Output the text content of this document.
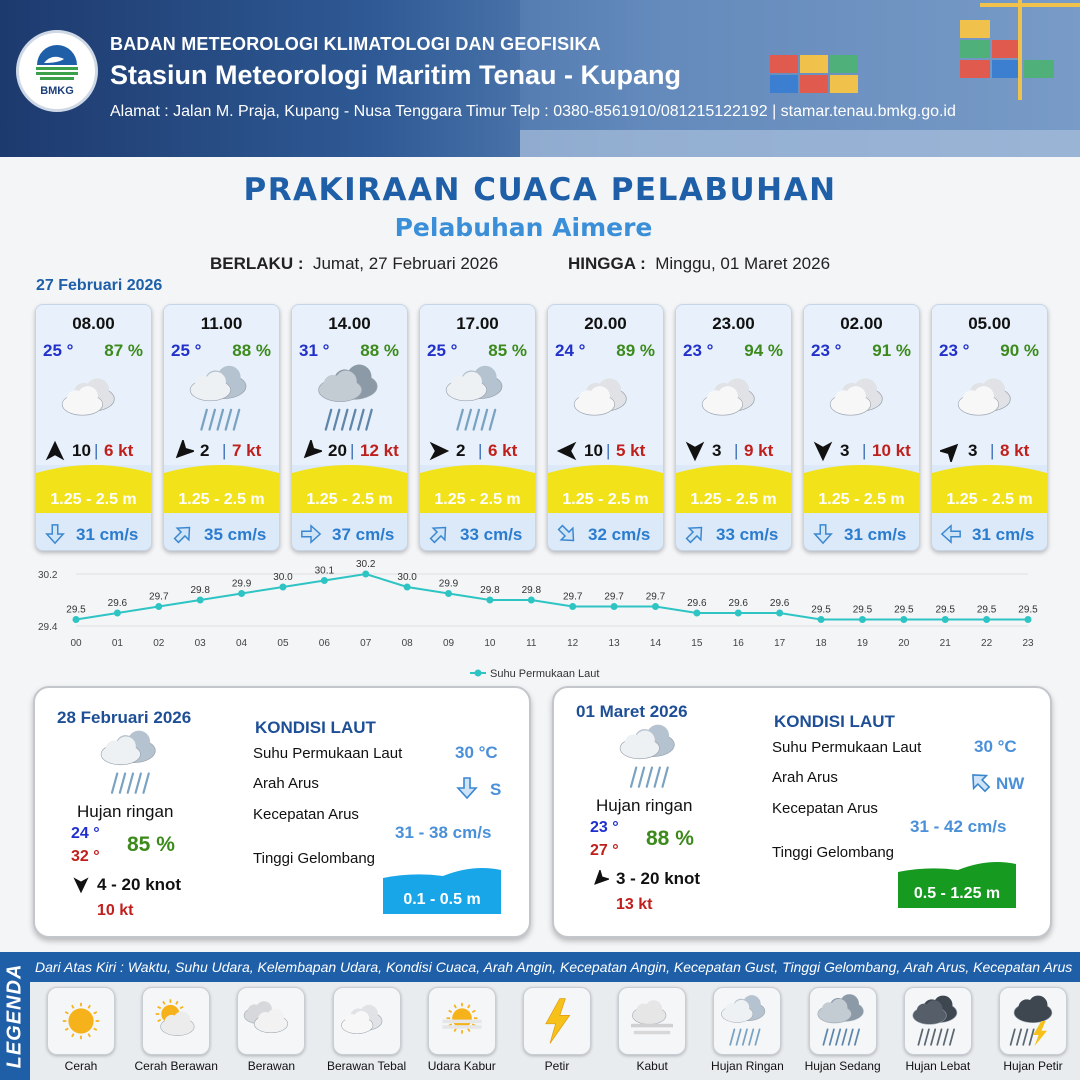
BMKG
BADAN METEOROLOGI KLIMATOLOGI DAN GEOFISIKA
Stasiun Meteorologi Maritim Tenau - Kupang
Alamat : Jalan M. Praja, Kupang - Nusa Tenggara Timur Telp : 0380-8561910/081215122192 | stamar.tenau.bmkg.go.id
PRAKIRAAN CUACA PELABUHAN
Pelabuhan Aimere
BERLAKU : Jumat, 27 Februari 2026	HINGGA : Minggu, 01 Maret 2026
27 Februari 2026
08.00
25 ° 87 %
10 | 6 kt
1.25 - 2.5 m
31 cm/s
11.00
25 ° 88 %
2 | 7 kt
1.25 - 2.5 m
35 cm/s
14.00
31 ° 88 %
20 | 12 kt
1.25 - 2.5 m
37 cm/s
17.00
25 ° 85 %
2 | 6 kt
1.25 - 2.5 m
33 cm/s
20.00
24 ° 89 %
10 | 5 kt
1.25 - 2.5 m
32 cm/s
23.00
23 ° 94 %
3 | 9 kt
1.25 - 2.5 m
33 cm/s
02.00
23 ° 91 %
3 | 10 kt
1.25 - 2.5 m
31 cm/s
05.00
23 ° 90 %
3 | 8 kt
1.25 - 2.5 m
31 cm/s
30.2
29.4
29.5
00
29.6
01
29.7
02
29.8
03
29.9
04
30.0
05
30.1
06
30.2
07
30.0
08
29.9
09
29.8
10
29.8
11
29.7
12
29.7
13
29.7
14
29.6
15
29.6
16
29.6
17
29.5
18
29.5
19
29.5
20
29.5
21
29.5
22
29.5
23
Suhu Permukaan Laut
28 Februari 2026
Hujan ringan
24 °
32 °
85 %
4 - 20 knot
10 kt
KONDISI LAUT
Suhu Permukaan Laut	30 °C
Arah Arus	S
Kecepatan Arus
31 - 38 cm/s
Tinggi Gelombang
0.1 - 0.5 m
01 Maret 2026
Hujan ringan
23 °
27 °
88 %
3 - 20 knot
13 kt
KONDISI LAUT
Suhu Permukaan Laut	30 °C
Arah Arus	NW
Kecepatan Arus
31 - 42 cm/s
Tinggi Gelombang
0.5 - 1.25 m
LEGENDA Dari Atas Kiri : Waktu, Suhu Udara, Kelembapan Udara, Kondisi Cuaca, Arah Angin, Kecepatan Angin, Kecepatan Gust, Tinggi Gelombang, Arah Arus, Kecepatan Arus
Cerah	Cerah Berawan	Berawan	Berawan Tebal	Udara Kabur	Petir	Kabut	Hujan Ringan	Hujan Sedang	Hujan Lebat	Hujan Petir
